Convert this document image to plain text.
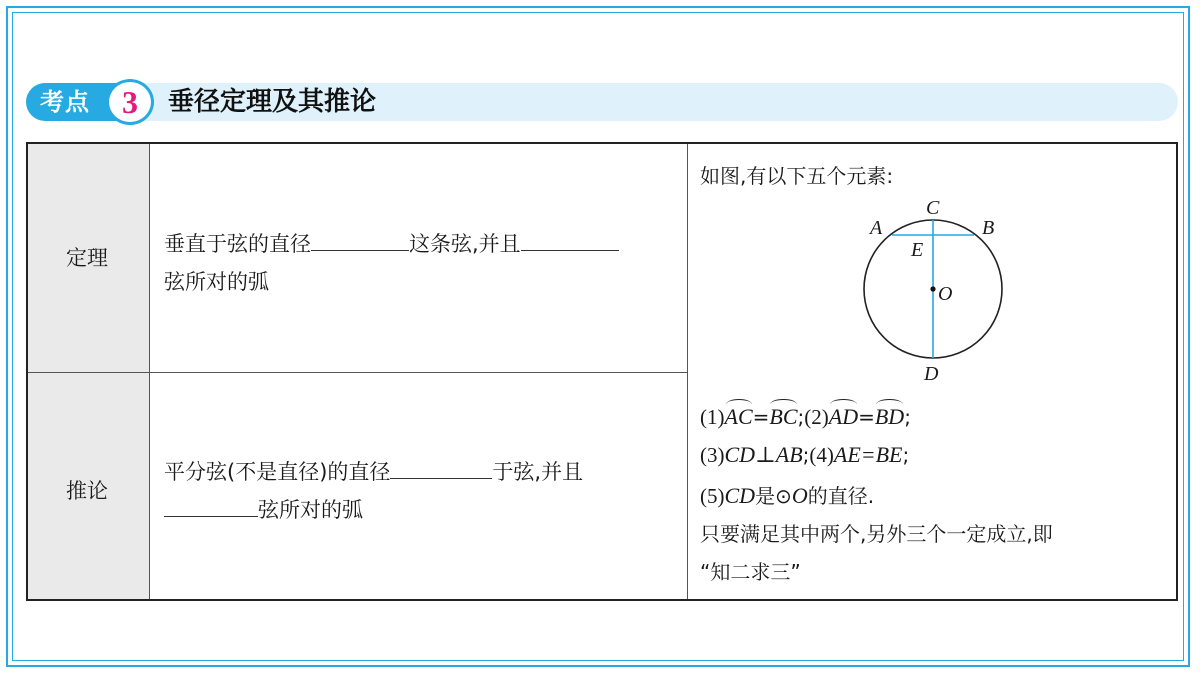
考点	3	垂径定理及其推论
定理
垂直于弦的直径	这条弦,并且
弦所对的弧
推论
平分弦(不是直径)的直径	于弦,并且
弦所对的弧
如图,有以下五个元素:
A	B
C
D
E
O
(1)AC=BC;(2)AD=BD;
(3)CD⊥AB;(4)AE=BE;
(5)CD是⊙O的直径.
只要满足其中两个,另外三个一定成立,即
“知二求三”
